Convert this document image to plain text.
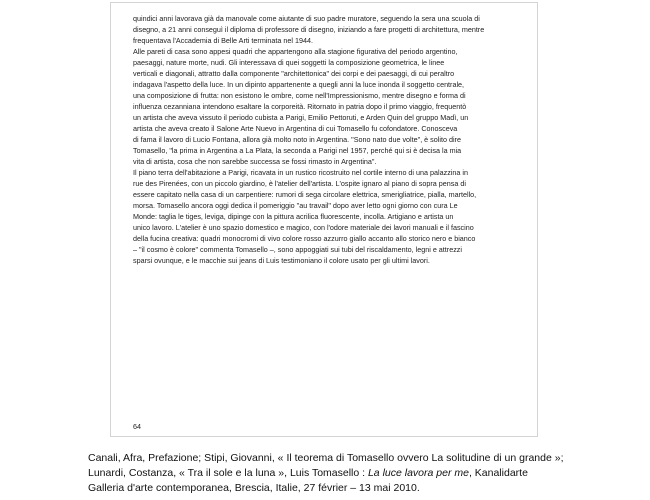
quindici anni lavorava già da manovale come aiutante di suo padre muratore, seguendo la sera una scuola di
disegno, a 21 anni conseguì il diploma di professore di disegno, iniziando a fare progetti di architettura, mentre
frequentava l'Accademia di Belle Arti terminata nel 1944.
Alle pareti di casa sono appesi quadri che appartengono alla stagione figurativa del periodo argentino,
paesaggi, nature morte, nudi. Gli interessava di quei soggetti la composizione geometrica, le linee
verticali e diagonali, attratto dalla componente "architettonica" dei corpi e dei paesaggi, di cui peraltro
indagava l'aspetto della luce. In un dipinto appartenente a quegli anni la luce inonda il soggetto centrale,
una composizione di frutta: non esistono le ombre, come nell'Impressionismo, mentre disegno e forma di
influenza cezanniana intendono esaltare la corporeità. Ritornato in patria dopo il primo viaggio, frequentò
un artista che aveva vissuto il periodo cubista a Parigi, Emilio Pettoruti, e Arden Quin del gruppo Madì, un
artista che aveva creato il Salone Arte Nuevo in Argentina di cui Tomasello fu cofondatore. Conosceva
di fama il lavoro di Lucio Fontana, allora già molto noto in Argentina. "Sono nato due volte", è solito dire
Tomasello, "la prima in Argentina a La Plata, la seconda a Parigi nel 1957, perché qui si è decisa la mia
vita di artista, cosa che non sarebbe successa se fossi rimasto in Argentina".
Il piano terra dell'abitazione a Parigi, ricavata in un rustico ricostruito nel cortile interno di una palazzina in
rue des Pirenées, con un piccolo giardino, è l'atelier dell'artista. L'ospite ignaro al piano di sopra pensa di
essere capitato nella casa di un carpentiere: rumori di sega circolare elettrica, smerigliatrice, pialla, martello,
morsa. Tomasello ancora oggi dedica il pomeriggio "au travail" dopo aver letto ogni giorno con cura Le
Monde: taglia le tiges, leviga, dipinge con la pittura acrilica fluorescente, incolla. Artigiano e artista un
unico lavoro. L'atelier è uno spazio domestico e magico, con l'odore materiale dei lavori manuali e il fascino
della fucina creativa: quadri monocromi di vivo colore rosso azzurro giallo accanto allo storico nero e bianco
– "il cosmo è colore" commenta Tomasello –, sono appoggiati sui tubi del riscaldamento, legni e attrezzi
sparsi ovunque, e le macchie sui jeans di Luis testimoniano il colore usato per gli ultimi lavori.
64
Canali, Afra, Prefazione; Stipi, Giovanni, « Il teorema di Tomasello ovvero La solitudine di un grande »;
Lunardi, Costanza, « Tra il sole e la luna », Luis Tomasello : La luce lavora per me, Kanalidarte
Galleria d'arte contemporanea, Brescia, Italie, 27 février – 13 mai 2010.
